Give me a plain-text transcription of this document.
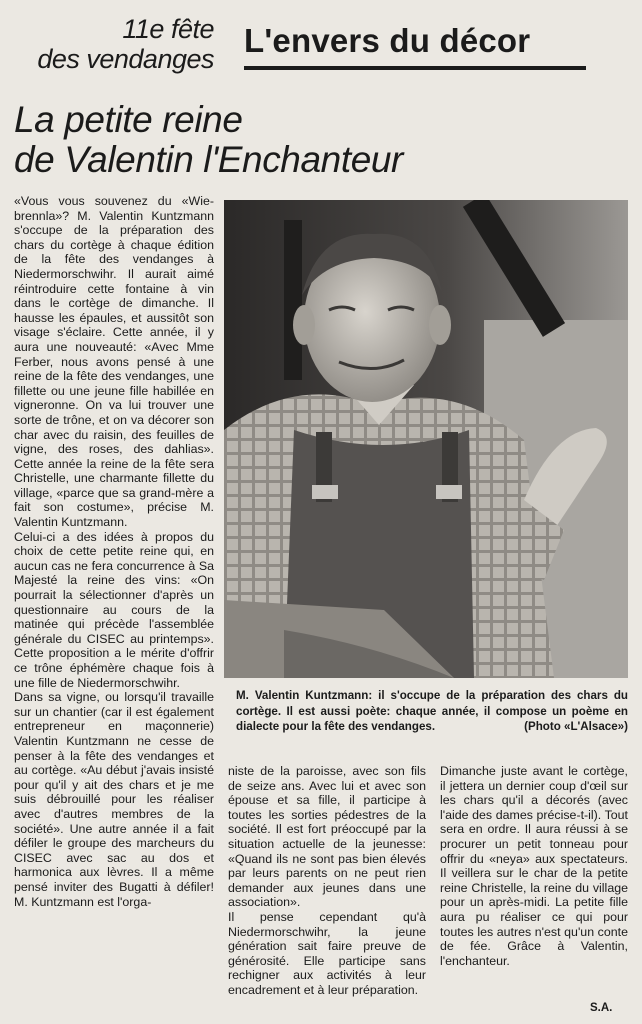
11e fête
des vendanges L'envers du décor
La petite reine
de Valentin l'Enchanteur

«Vous vous souvenez du «Wie-brennla»? M. Valentin Kuntzmann s'occupe de la préparation des chars du cortège à chaque édition de la fête des vendanges à Niedermorschwihr. Il aurait aimé réintroduire cette fontaine à vin dans le cortège de dimanche. Il hausse les épaules, et aussitôt son visage s'éclaire. Cette année, il y aura une nouveauté: «Avec Mme Ferber, nous avons pensé à une reine de la fête des vendanges, une fillette ou une jeune fille habillée en vigneronne. On va lui trouver une sorte de trône, et on va décorer son char avec du raisin, des feuilles de vigne, des roses, des dahlias». Cette année la reine de la fête sera Christelle, une charmante fillette du village, «parce que sa grand-mère a fait son costume», précise M. Valentin Kuntzmann.

Celui-ci a des idées à propos du choix de cette petite reine qui, en aucun cas ne fera concurrence à Sa Majesté la reine des vins: «On pourrait la sélectionner d'après un questionnaire au cours de la matinée qui précède l'assemblée générale du CISEC au printemps». Cette proposition a le mérite d'offrir ce trône éphémère chaque fois à une fille de Niedermorschwihr.

Dans sa vigne, ou lorsqu'il travaille sur un chantier (car il est également entrepreneur en maçonnerie) Valentin Kuntzmann ne cesse de penser à la fête des vendanges et au cortège. «Au début j'avais insisté pour qu'il y ait des chars et je me suis débrouillé pour les réaliser avec d'autres membres de la société». Une autre année il a fait défiler le groupe des marcheurs du CISEC avec sac au dos et harmonica aux lèvres. Il a même pensé inviter des Bugatti à défiler! M. Kuntzmann est l'orga-

M. Valentin Kuntzmann: il s'occupe de la préparation des chars du cortège. Il est aussi poète: chaque année, il compose un poème en dialecte pour la fête des vendanges.	(Photo «L'Alsace»)

niste de la paroisse, avec son fils de seize ans. Avec lui et avec son épouse et sa fille, il participe à toutes les sorties pédestres de la société. Il est fort préoccupé par la situation actuelle de la jeunesse: «Quand ils ne sont pas bien élevés par leurs parents on ne peut rien demander aux jeunes dans une association».

Il pense cependant qu'à Niedermorschwihr, la jeune génération sait faire preuve de générosité. Elle participe sans rechigner aux activités à leur encadrement et à leur préparation.

Dimanche juste avant le cortège, il jettera un dernier coup d'œil sur les chars qu'il a décorés (avec l'aide des dames précise-t-il). Tout sera en ordre. Il aura réussi à se procurer un petit tonneau pour offrir du «neya» aux spectateurs. Il veillera sur le char de la petite reine Christelle, la reine du village pour un après-midi. La petite fille aura pu réaliser ce qui pour toutes les autres n'est qu'un conte de fée. Grâce à Valentin, l'enchanteur.

S.A.
